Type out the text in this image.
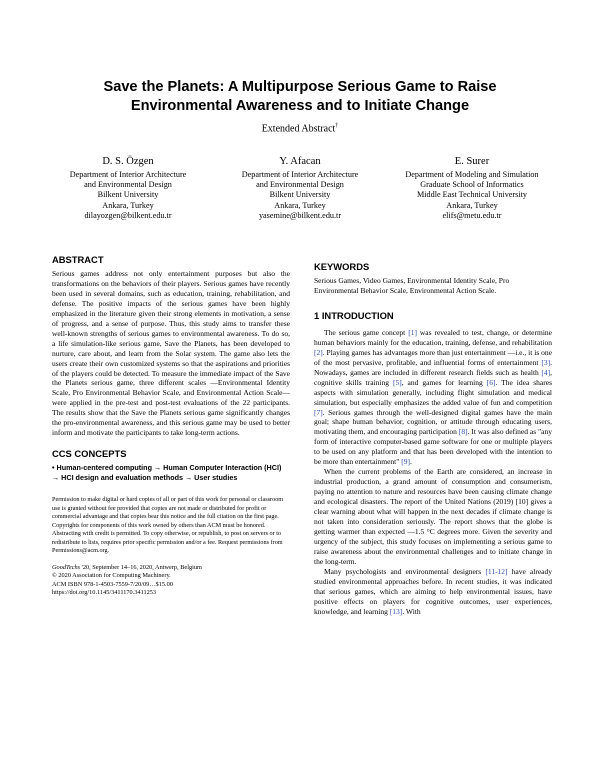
Save the Planets: A Multipurpose Serious Game to Raise
Environmental Awareness and to Initiate Change
Extended Abstract†
D. S. Özgen
Department of Interior Architecture
and Environmental Design
Bilkent University
Ankara, Turkey
dilayozgen@bilkent.edu.tr
Y. Afacan
Department of Interior Architecture
and Environmental Design
Bilkent University
Ankara, Turkey
yasemine@bilkent.edu.tr
E. Surer
Department of Modeling and Simulation
Graduate School of Informatics
Middle East Technical University
Ankara, Turkey
elifs@metu.edu.tr
ABSTRACT

Serious games address not only entertainment purposes but also the transformations on the behaviors of their players. Serious games have recently been used in several domains, such as education, training, rehabilitation, and defense. The positive impacts of the serious games have been highly emphasized in the literature given their strong elements in motivation, a sense of progress, and a sense of purpose. Thus, this study aims to transfer these well-known strengths of serious games to environmental awareness. To do so, a life simulation-like serious game, Save the Planets, has been developed to nurture, care about, and learn from the Solar system. The game also lets the users create their own customized systems so that the aspirations and priorities of the players could be detected. To measure the immediate impact of the Save the Planets serious game, three different scales —Environmental Identity Scale, Pro Environmental Behavior Scale, and Environmental Action Scale— were applied in the pre-test and post-test evaluations of the 22 participants. The results show that the Save the Planets serious game significantly changes the pro-environmental awareness, and this serious game may be used to better inform and motivate the participants to take long-term actions.

CCS CONCEPTS

• Human-centered computing → Human Computer Interaction (HCI) → HCI design and evaluation methods → User studies

Permission to make digital or hard copies of all or part of this work for personal or classroom use is granted without fee provided that copies are not made or distributed for profit or commercial advantage and that copies bear this notice and the full citation on the first page. Copyrights for components of this work owned by others than ACM must be honored. Abstracting with credit is permitted. To copy otherwise, or republish, to post on servers or to redistribute to lists, requires prior specific permission and/or a fee. Request permissions from Permissions@acm.org.

GoodTechs '20, September 14–16, 2020, Antwerp, Belgium
© 2020 Association for Computing Machinery.
ACM ISBN 978-1-4503-7559-7/20/09…$15.00
https://doi.org/10.1145/3411170.3411253
KEYWORDS

Serious Games, Video Games, Environmental Identity Scale, Pro Environmental Behavior Scale, Environmental Action Scale.

1 INTRODUCTION

The serious game concept [1] was revealed to test, change, or determine human behaviors mainly for the education, training, defense, and rehabilitation [2]. Playing games has advantages more than just entertainment —i.e., it is one of the most pervasive, profitable, and influential forms of entertainment [3]. Nowadays, games are included in different research fields such as health [4], cognitive skills training [5], and games for learning [6]. The idea shares aspects with simulation generally, including flight simulation and medical simulation, but especially emphasizes the added value of fun and competition [7]. Serious games through the well-designed digital games have the main goal; shape human behavior, cognition, or attitude through educating users, motivating them, and encouraging participation [8]. It was also defined as "any form of interactive computer-based game software for one or multiple players to be used on any platform and that has been developed with the intention to be more than entertainment" [9].

When the current problems of the Earth are considered, an increase in industrial production, a grand amount of consumption and consumerism, paying no attention to nature and resources have been causing climate change and ecological disasters. The report of the United Nations (2019) [10] gives a clear warning about what will happen in the next decades if climate change is not taken into consideration seriously. The report shows that the globe is getting warmer than expected —1.5 °C degrees more. Given the severity and urgency of the subject, this study focuses on implementing a serious game to raise awareness about the environmental challenges and to initiate change in the long-term.

Many psychologists and environmental designers [11-12] have already studied environmental approaches before. In recent studies, it was indicated that serious games, which are aiming to help environmental issues, have positive effects on players for cognitive outcomes, user experiences, knowledge, and learning [13]. With
